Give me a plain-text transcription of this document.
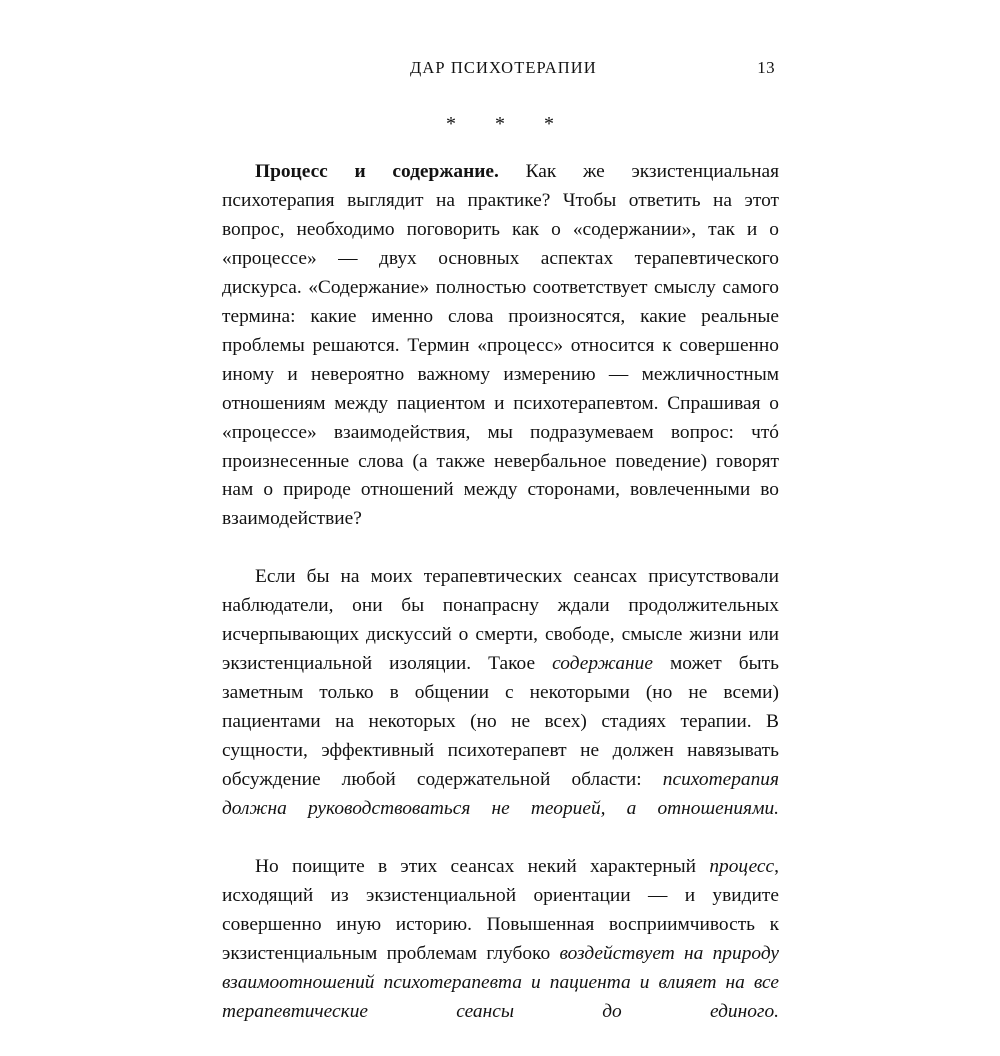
ДАР ПСИХОТЕРАПИИ	13
* * *

Процесс и содержание. Как же экзистенциальная психотерапия выглядит на практике? Чтобы ответить на этот вопрос, необходимо поговорить как о «содержании», так и о «процессе» — двух основных аспектах терапевтического дискурса. «Содержание» полностью соответствует смыслу самого термина: какие именно слова произносятся, какие реальные проблемы решаются. Термин «процесс» относится к совершенно иному и невероятно важному измерению — межличностным отношениям между пациентом и психотерапевтом. Спрашивая о «процессе» взаимодействия, мы подразумеваем вопрос: чтó произнесенные слова (а также невербальное поведение) говорят нам о природе отношений между сторонами, вовлеченными во взаимодействие?

Если бы на моих терапевтических сеансах присутствовали наблюдатели, они бы понапрасну ждали продолжительных исчерпывающих дискуссий о смерти, свободе, смысле жизни или экзистенциальной изоляции. Такое содержание может быть заметным только в общении с некоторыми (но не всеми) пациентами на некоторых (но не всех) стадиях терапии. В сущности, эффективный психотерапевт не должен навязывать обсуждение любой содержательной области: психотерапия должна руководствоваться не теорией, а отношениями.

Но поищите в этих сеансах некий характерный процесс, исходящий из экзистенциальной ориентации — и увидите совершенно иную историю. Повышенная восприимчивость к экзистенциальным проблемам глубоко воздействует на природу взаимоотношений психотерапевта и пациента и влияет на все терапевтические сеансы до единого.
